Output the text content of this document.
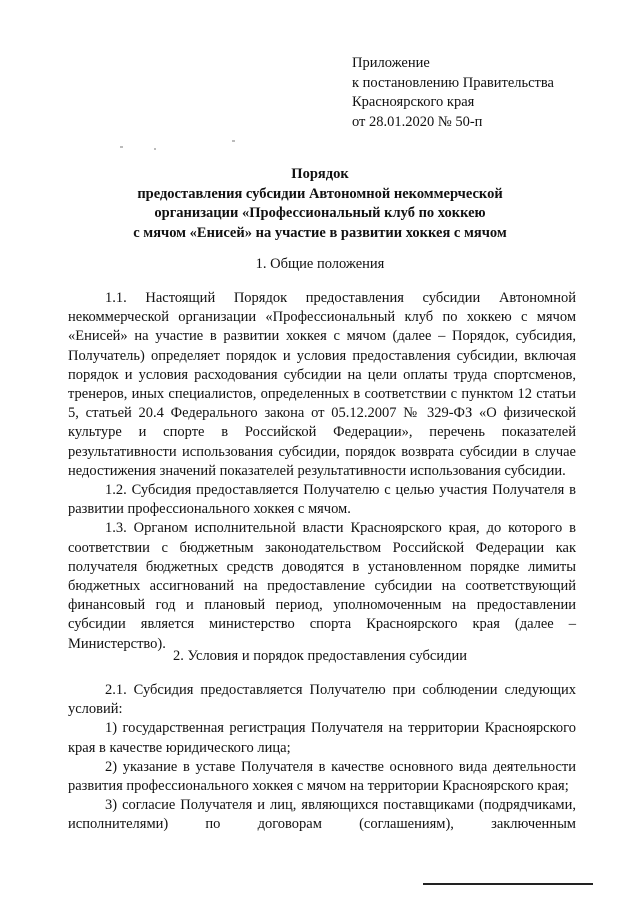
Приложение
к постановлению Правительства
Красноярского края
от 28.01.2020 № 50-п
Порядок
предоставления субсидии Автономной некоммерческой
организации «Профессиональный клуб по хоккею
с мячом «Енисей» на участие в развитии хоккея с мячом
1. Общие положения

1.1. Настоящий Порядок предоставления субсидии Автономной некоммерческой организации «Профессиональный клуб по хоккею с мячом «Енисей» на участие в развитии хоккея с мячом (далее – Порядок, субсидия, Получатель) определяет порядок и условия предоставления субсидии, включая порядок и условия расходования субсидии на цели оплаты труда спортсменов, тренеров, иных специалистов, определенных в соответствии с пунктом 12 статьи 5, статьей 20.4 Федерального закона от 05.12.2007 № 329-ФЗ «О физической культуре и спорте в Российской Федерации», перечень показателей результативности использования субсидии, порядок возврата субсидии в случае недостижения значений показателей результативности использования субсидии.

1.2. Субсидия предоставляется Получателю с целью участия Получателя в развитии профессионального хоккея с мячом.

1.3. Органом исполнительной власти Красноярского края, до которого в соответствии с бюджетным законодательством Российской Федерации как получателя бюджетных средств доводятся в установленном порядке лимиты бюджетных ассигнований на предоставление субсидии на соответствующий финансовый год и плановый период, уполномоченным на предоставлении субсидии является министерство спорта Красноярского края (далее – Министерство).

2. Условия и порядок предоставления субсидии

2.1. Субсидия предоставляется Получателю при соблюдении следующих условий:

1) государственная регистрация Получателя на территории Красноярского края в качестве юридического лица;

2) указание в уставе Получателя в качестве основного вида деятельности развития профессионального хоккея с мячом на территории Красноярского края;

3) согласие Получателя и лиц, являющихся поставщиками (подрядчиками, исполнителями) по договорам (соглашениям), заключенным
